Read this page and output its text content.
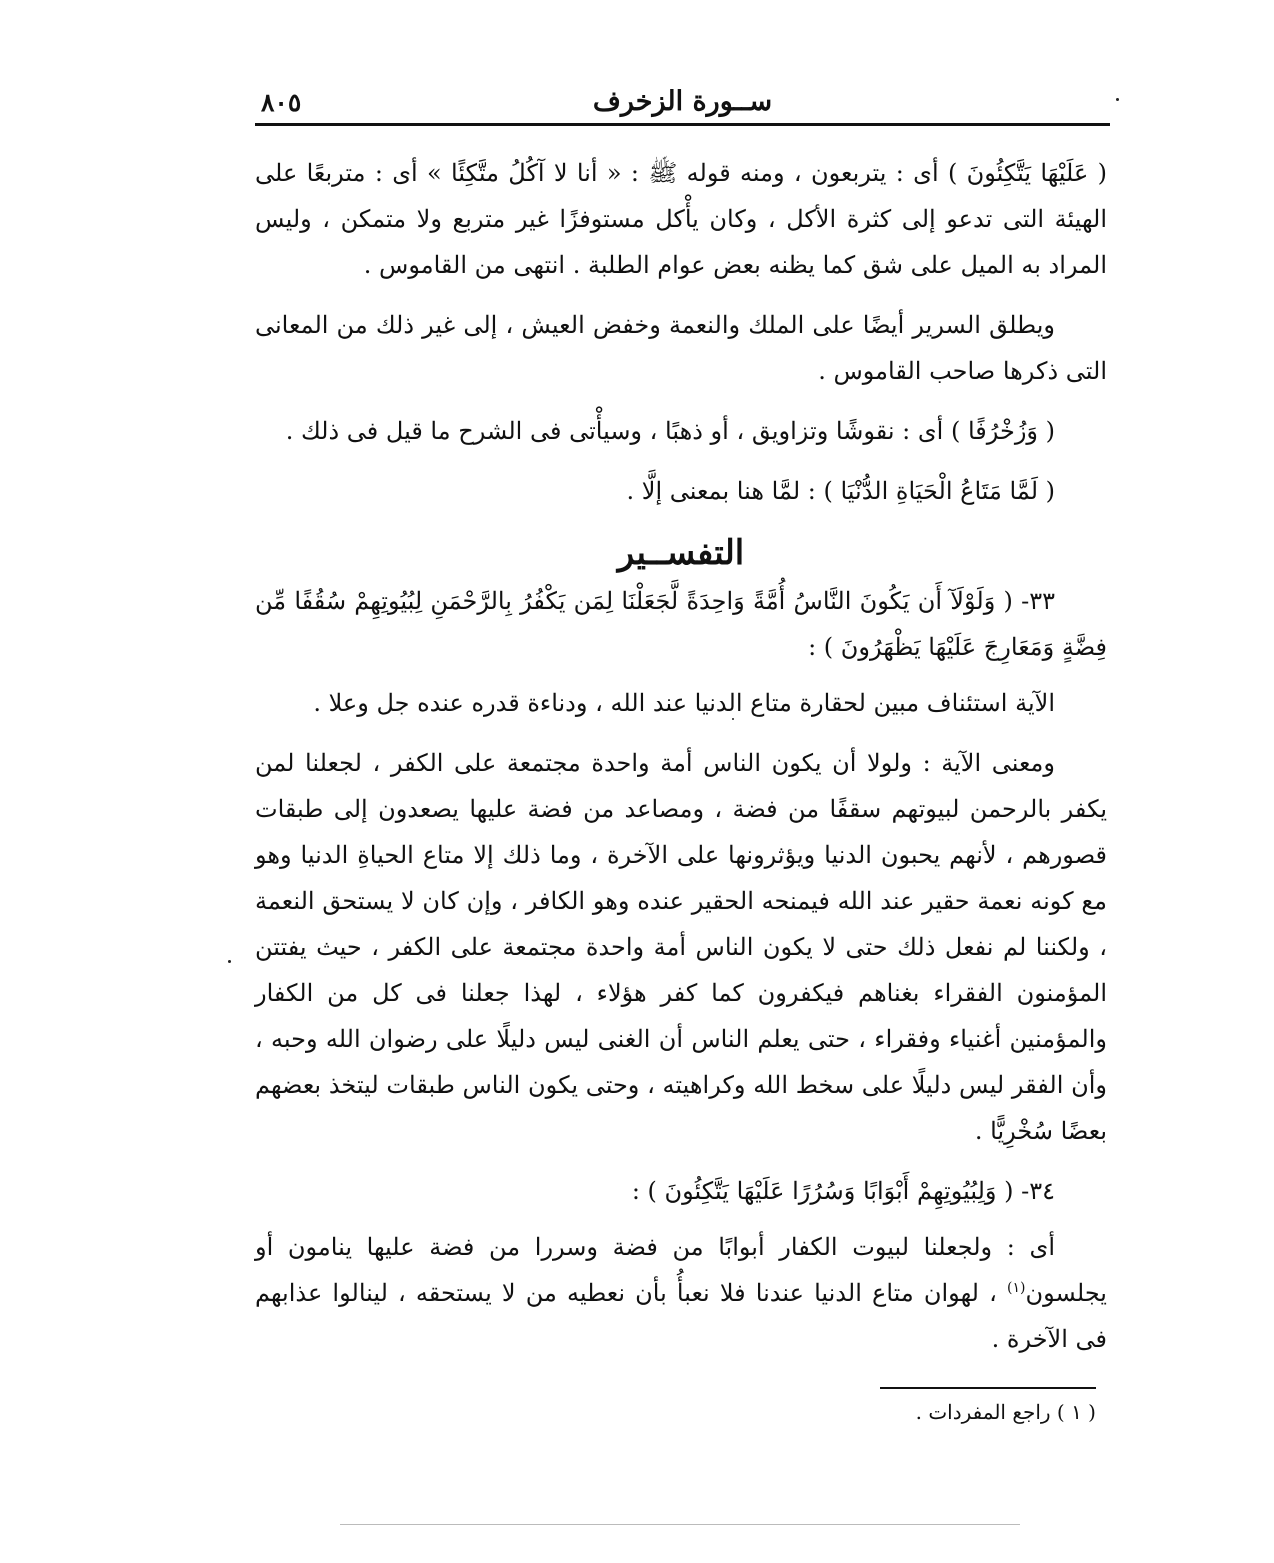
ســورة الزخرف
٨٠٥

( عَلَيْهَا يَتَّكِئُونَ ) أى : يتربعون ، ومنه قوله ﷺ : « أنا لا آكُلُ متَّكِئًا » أى : متربعًا على الهيئة التى تدعو إلى كثرة الأكل ، وكان يأْكل مستوفزًا غير متربع ولا متمكن ، وليس المراد به الميل على شق كما يظنه بعض عوام الطلبة . انتهى من القاموس .

ويطلق السرير أيضًا على الملك والنعمة وخفض العيش ، إلى غير ذلك من المعانى التى ذكرها صاحب القاموس .

( وَزُخْرُفًا ) أى : نقوشًا وتزاويق ، أو ذهبًا ، وسيأْتى فى الشرح ما قيل فى ذلك .

( لَمَّا مَتَاعُ الْحَيَاةِ الدُّنْيَا ) : لمَّا هنا بمعنى إلَّا .

التفســير

٣٣- ( وَلَوْلَآ أَن يَكُونَ النَّاسُ أُمَّةً وَاحِدَةً لَّجَعَلْنَا لِمَن يَكْفُرُ بِالرَّحْمَنِ لِبُيُوتِهِمْ سُقُفًا مِّن فِضَّةٍ وَمَعَارِجَ عَلَيْهَا يَظْهَرُونَ ) :

الآية استئناف مبين لحقارة متاع الدنيا عند الله ، ودناءة قدره عنده جل وعلا .

ومعنى الآية : ولولا أن يكون الناس أمة واحدة مجتمعة على الكفر ، لجعلنا لمن يكفر بالرحمن لبيوتهم سقفًا من فضة ، ومصاعد من فضة عليها يصعدون إلى طبقات قصورهم ، لأنهم يحبون الدنيا ويؤثرونها على الآخرة ، وما ذلك إلا متاع الحياةِ الدنيا وهو مع كونه نعمة حقير عند الله فيمنحه الحقير عنده وهو الكافر ، وإن كان لا يستحق النعمة ، ولكننا لم نفعل ذلك حتى لا يكون الناس أمة واحدة مجتمعة على الكفر ، حيث يفتتن المؤمنون الفقراء بغناهم فيكفرون كما كفر هؤلاء ، لهذا جعلنا فى كل من الكفار والمؤمنين أغنياء وفقراء ، حتى يعلم الناس أن الغنى ليس دليلًا على رضوان الله وحبه ، وأن الفقر ليس دليلًا على سخط الله وكراهيته ، وحتى يكون الناس طبقات ليتخذ بعضهم بعضًا سُخْرِيًّا .

٣٤- ( وَلِبُيُوتِهِمْ أَبْوَابًا وَسُرُرًا عَلَيْهَا يَتَّكِئُونَ ) :

أى : ولجعلنا لبيوت الكفار أبوابًا من فضة وسررا من فضة عليها ينامون أو يجلسون$^{(١)}$ ، لهوان متاع الدنيا عندنا فلا نعبأُ بأن نعطيه من لا يستحقه ، لينالوا عذابهم فى الآخرة .

( ١ ) راجع المفردات .
